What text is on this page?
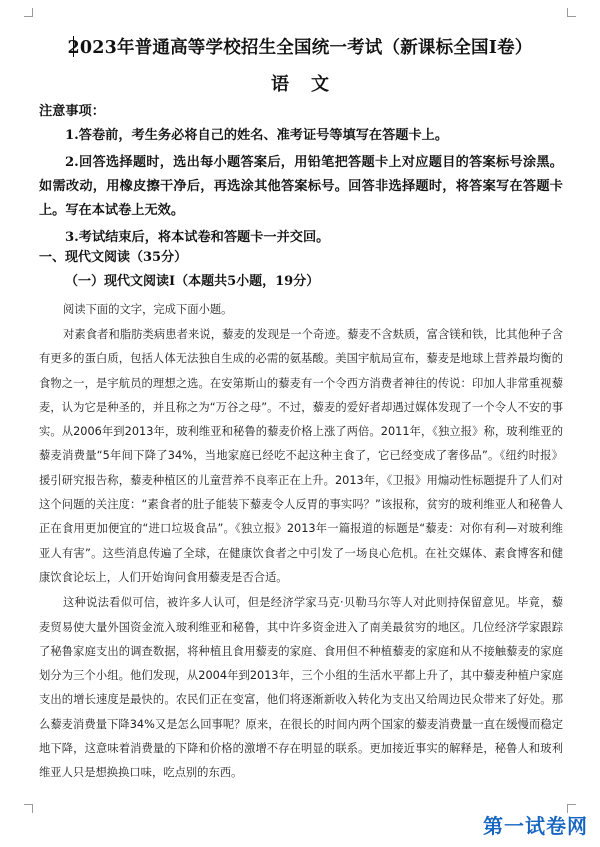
2023年普通高等学校招生全国统一考试（新课标全国Ⅰ卷）
语文
注意事项：
1.答卷前，考生务必将自己的姓名、准考证号等填写在答题卡上。
2.回答选择题时，选出每小题答案后，用铅笔把答题卡上对应题目的答案标号涂黑。如需改动，用橡皮擦干净后，再选涂其他答案标号。回答非选择题时，将答案写在答题卡上。写在本试卷上无效。
3.考试结束后，将本试卷和答题卡一并交回。
一、现代文阅读（35分）
（一）现代文阅读Ⅰ（本题共5小题，19分）
阅读下面的文字，完成下面小题。
对素食者和脂肪类病患者来说，藜麦的发现是一个奇迹。藜麦不含麸质，富含镁和铁，比其他种子含有更多的蛋白质，包括人体无法独自生成的必需的氨基酸。美国宇航局宣布，藜麦是地球上营养最均衡的食物之一，是宇航员的理想之选。在安第斯山的藜麦有一个令西方消费者神往的传说：印加人非常重视藜麦，认为它是种圣的，并且称之为“万谷之母”。不过，藜麦的爱好者却遇过媒体发现了一个令人不安的事实。从2006年到2013年，玻利维亚和秘鲁的藜麦价格上涨了两倍。2011年，《独立报》称，玻利维亚的藜麦消费量“5年间下降了34%，当地家庭已经吃不起这种主食了，它已经变成了奢侈品”。《纽约时报》援引研究报告称，藜麦种植区的儿童营养不良率正在上升。2013年，《卫报》用煽动性标题提升了人们对这个问题的关注度：“素食者的肚子能装下藜麦令人反胃的事实吗？”该报称，贫穷的玻利维亚人和秘鲁人正在食用更加便宜的“进口垃圾食品”。《独立报》2013年一篇报道的标题是“藜麦：对你有利—对玻利维亚人有害”。这些消息传遍了全球，在健康饮食者之中引发了一场良心危机。在社交媒体、素食博客和健康饮食论坛上，人们开始询问食用藜麦是否合适。
这种说法看似可信，被许多人认可，但是经济学家马克·贝勒马尔等人对此则持保留意见。毕竟，藜麦贸易使大量外国资金流入玻利维亚和秘鲁，其中许多资金进入了南美最贫穷的地区。几位经济学家跟踪了秘鲁家庭支出的调查数据，将种植且食用藜麦的家庭、食用但不种植藜麦的家庭和从不接触藜麦的家庭划分为三个小组。他们发现，从2004年到2013年，三个小组的生活水平都上升了，其中藜麦种植户家庭支出的增长速度是最快的。农民们正在变富，他们将逐渐新收入转化为支出又给周边民众带来了好处。那么藜麦消费量下降34%又是怎么回事呢？原来，在很长的时间内两个国家的藜麦消费量一直在缓慢而稳定地下降，这意味着消费量的下降和价格的激增不存在明显的联系。更加接近事实的解释是，秘鲁人和玻利维亚人只是想换换口味，吃点别的东西。
第一试卷网
